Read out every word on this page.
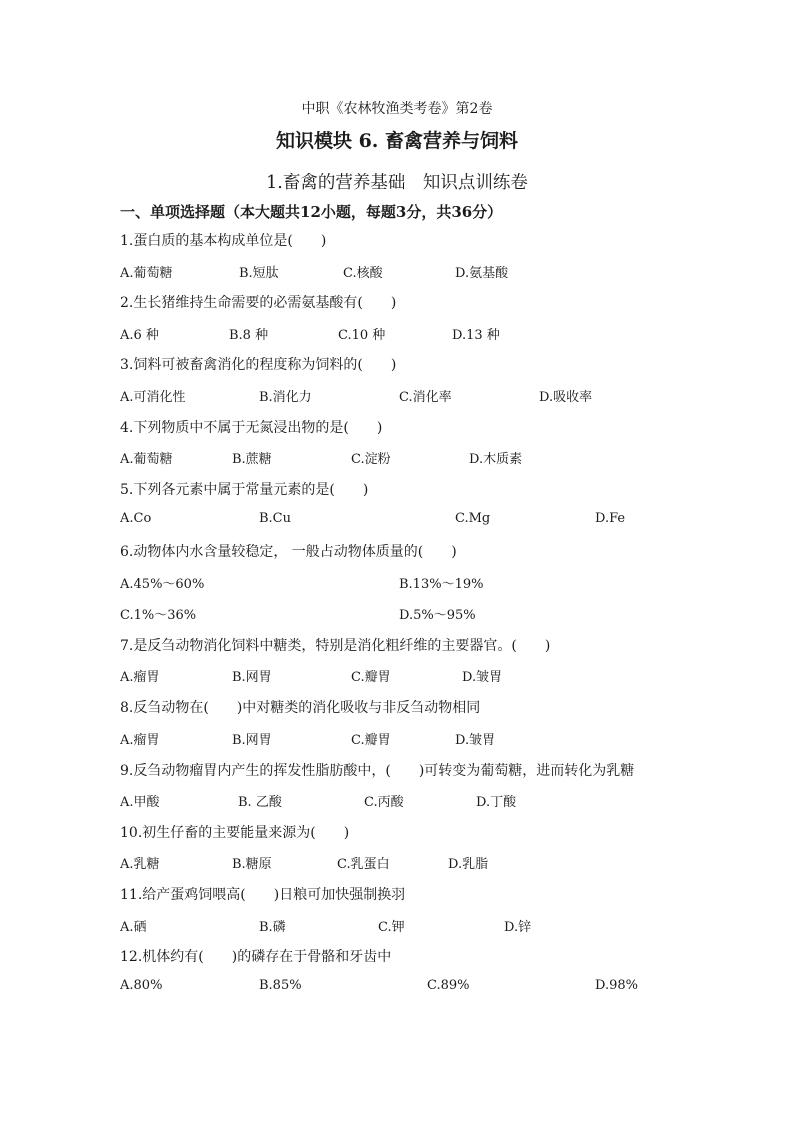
中职《农林牧渔类考卷》第2卷
知识模块 6. 畜禽营养与饲料
1.畜禽的营养基础　知识点训练卷
一、单项选择题（本大题共12小题，每题3分，共36分）
1.蛋白质的基本构成单位是(　　)
A.葡萄糖	B.短肽	C.核酸	D.氨基酸
2.生长猪维持生命需要的必需氨基酸有(　　)
A.6 种	B.8 种	C.10 种	D.13 种
3.饲料可被畜禽消化的程度称为饲料的(　　)
A.可消化性	B.消化力	C.消化率	D.吸收率
4.下列物质中不属于无氮浸出物的是(　　)
A.葡萄糖	B.蔗糖	C.淀粉	D.木质素
5.下列各元素中属于常量元素的是(　　)
A.Co	B.Cu	C.Mg	D.Fe
6.动物体内水含量较稳定， 一般占动物体质量的(　　)
A.45%～60%	B.13%～19%
C.1%～36%	D.5%～95%
7.是反刍动物消化饲料中糖类，特别是消化粗纤维的主要器官。(　　)
A.瘤胃	B.网胃	C.瓣胃	D.皱胃
8.反刍动物在(　　)中对糖类的消化吸收与非反刍动物相同
A.瘤胃	B.网胃	C.瓣胃	D.皱胃
9.反刍动物瘤胃内产生的挥发性脂肪酸中，(　　)可转变为葡萄糖，进而转化为乳糖
A.甲酸	B. 乙酸	C.丙酸	D.丁酸
10.初生仔畜的主要能量来源为(　　)
A.乳糖	B.糖原	C.乳蛋白	D.乳脂
11.给产蛋鸡饲喂高(　　)日粮可加快强制换羽
A.硒	B.磷	C.钾	D.锌
12.机体约有(　　)的磷存在于骨骼和牙齿中
A.80%	B.85%	C.89%	D.98%
